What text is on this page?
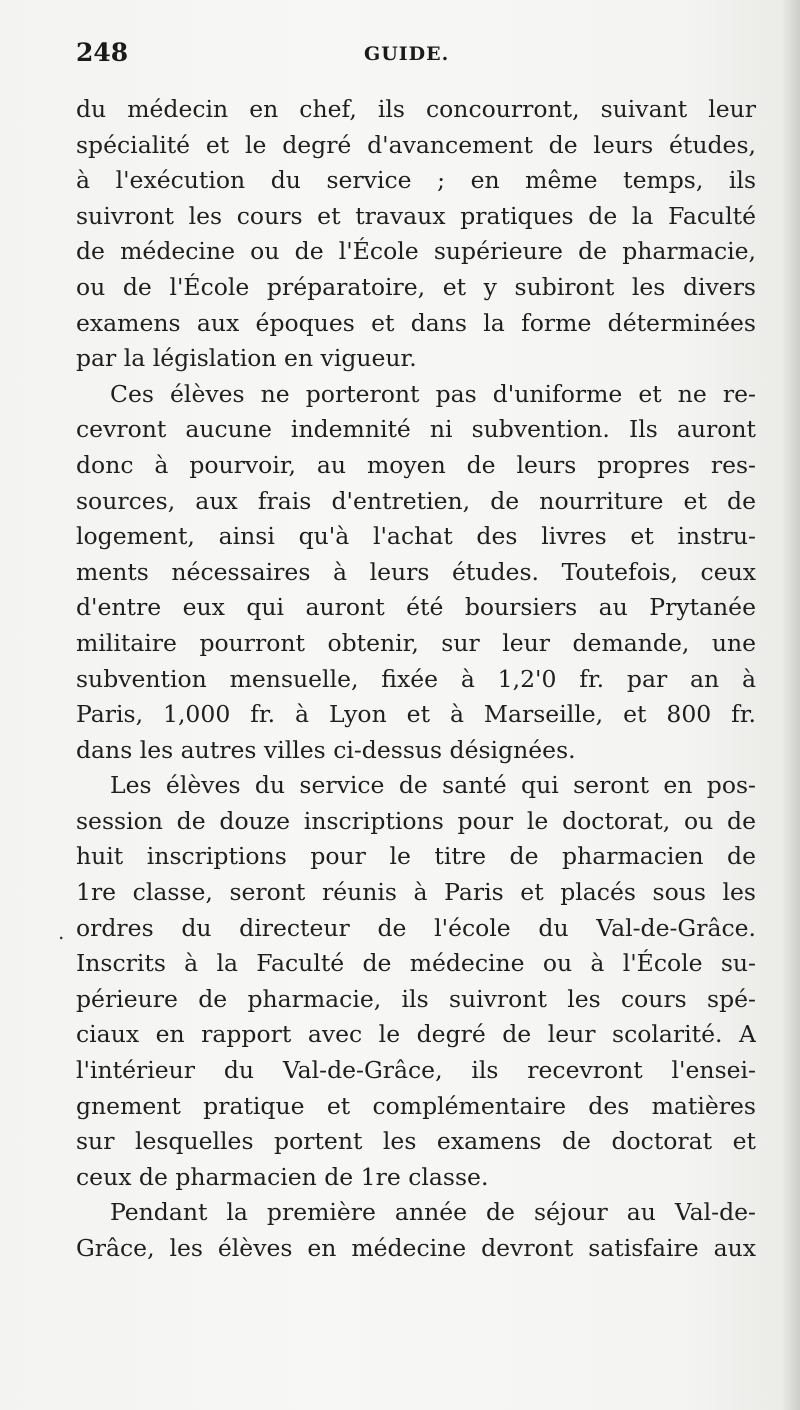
248	GUIDE.
.
du médecin en chef, ils concourront, suivant leur
spécialité et le degré d'avancement de leurs études,
à l'exécution du service ; en même temps, ils
suivront les cours et travaux pratiques de la Faculté
de médecine ou de l'École supérieure de pharmacie,
ou de l'École préparatoire, et y subiront les divers
examens aux époques et dans la forme déterminées
par la législation en vigueur.
Ces élèves ne porteront pas d'uniforme et ne re-
cevront aucune indemnité ni subvention. Ils auront
donc à pourvoir, au moyen de leurs propres res-
sources, aux frais d'entretien, de nourriture et de
logement, ainsi qu'à l'achat des livres et instru-
ments nécessaires à leurs études. Toutefois, ceux
d'entre eux qui auront été boursiers au Prytanée
militaire pourront obtenir, sur leur demande, une
subvention mensuelle, fixée à 1,2'0 fr. par an à
Paris, 1,000 fr. à Lyon et à Marseille, et 800 fr.
dans les autres villes ci-dessus désignées.
Les élèves du service de santé qui seront en pos-
session de douze inscriptions pour le doctorat, ou de
huit inscriptions pour le titre de pharmacien de
1re classe, seront réunis à Paris et placés sous les
ordres du directeur de l'école du Val-de-Grâce.
Inscrits à la Faculté de médecine ou à l'École su-
périeure de pharmacie, ils suivront les cours spé-
ciaux en rapport avec le degré de leur scolarité. A
l'intérieur du Val-de-Grâce, ils recevront l'ensei-
gnement pratique et complémentaire des matières
sur lesquelles portent les examens de doctorat et
ceux de pharmacien de 1re classe.
Pendant la première année de séjour au Val-de-
Grâce, les élèves en médecine devront satisfaire aux
